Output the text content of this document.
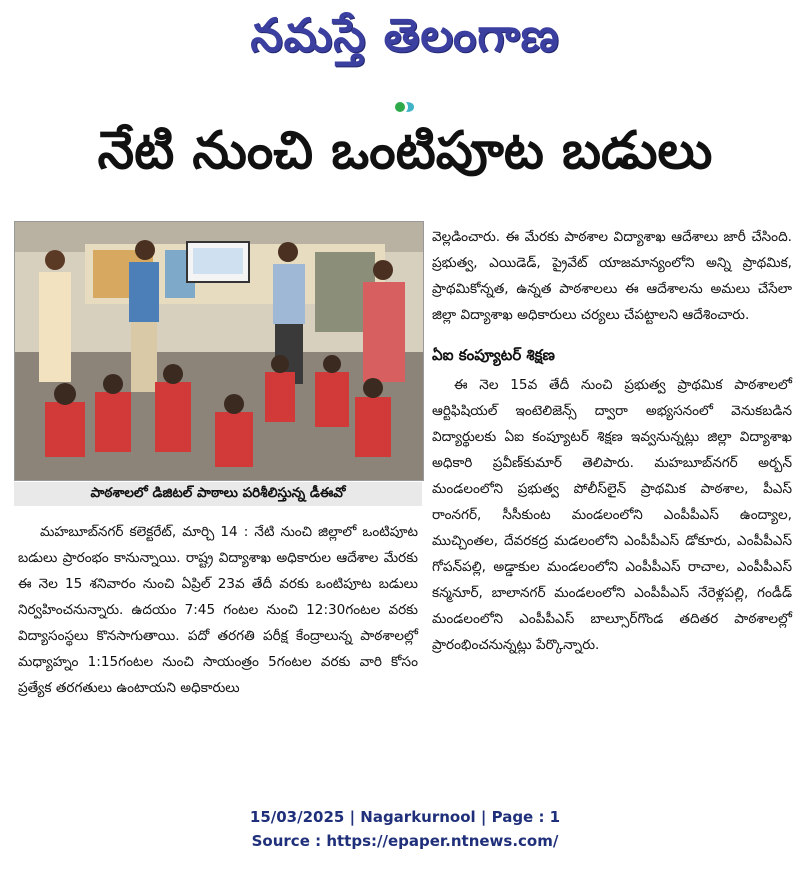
నమస్తే తెలంగాణ
నేటి నుంచి ఒంటిపూట బడులు
పాఠశాలలో డిజిటల్ పాఠాలు పరిశీలిస్తున్న డీఈవో

మహబూబ్‌నగర్ కలెక్టరేట్, మార్చి 14 : నేటి నుంచి జిల్లాలో ఒంటిపూట బడులు ప్రారంభం కానున్నాయి. రాష్ట్ర విద్యాశాఖ అధికారుల ఆదేశాల మేరకు ఈ నెల 15 శనివారం నుంచి ఏప్రిల్ 23వ తేదీ వరకు ఒంటిపూట బడులు నిర్వహించనున్నారు. ఉదయం 7:45 గంటల నుంచి 12:30గంటల వరకు విద్యాసంస్థలు కొనసాగుతాయి. పదో తరగతి పరీక్ష కేంద్రాలున్న పాఠశాలల్లో మధ్యాహ్నం 1:15గంటల నుంచి సాయంత్రం 5గంటల వరకు వారి కోసం ప్రత్యేక తరగతులు ఉంటాయని అధికారులు

వెల్లడించారు. ఈ మేరకు పాఠశాల విద్యాశాఖ ఆదేశాలు జారీ చేసింది. ప్రభుత్వ, ఎయిడెడ్, ప్రైవేట్ యాజమాన్యంలోని అన్ని ప్రాథమిక, ప్రాథమికోన్నత, ఉన్నత పాఠశాలలు ఈ ఆదేశాలను అమలు చేసేలా జిల్లా విద్యాశాఖ అధికారులు చర్యలు చేపట్టాలని ఆదేశించారు.

ఏఐ కంప్యూటర్ శిక్షణ

ఈ నెల 15వ తేదీ నుంచి ప్రభుత్వ ప్రాథమిక పాఠశాలలో ఆర్టిఫిషియల్ ఇంటెలిజెన్స్ ద్వారా అభ్యసనంలో వెనుకబడిన విద్యార్థులకు ఏఐ కంప్యూటర్ శిక్షణ ఇవ్వనున్నట్లు జిల్లా విద్యాశాఖ అధికారి ప్రవీణ్‌కుమార్ తెలిపారు. మహబూబ్‌నగర్ అర్బన్ మండలంలోని ప్రభుత్వ పోలీస్‌లైన్ ప్రాథమిక పాఠశాల, పీఎస్ రాంనగర్, సీసీకుంట మండలంలోని ఎంపీపీఎస్ ఉంద్యాల, ముచ్చింతల, దేవరకద్ర మడలంలోని ఎంపీపీఎస్ డోకూరు, ఎంపీపీఎస్ గోపన్‌పల్లి, అడ్డాకుల మండలంలోని ఎంపీపీఎస్ రాచాల, ఎంపీపీఎస్ కన్మనూర్, బాలానగర్ మండలంలోని ఎంపీపీఎస్ నేరెళ్లపల్లి, గండీడ్ మండలంలోని ఎంపీపీఎస్ బాల్సూర్‌గొండ తదితర పాఠశాలల్లో ప్రారంభించనున్నట్లు పేర్కొన్నారు.

15/03/2025 | Nagarkurnool | Page : 1
Source : https://epaper.ntnews.com/
